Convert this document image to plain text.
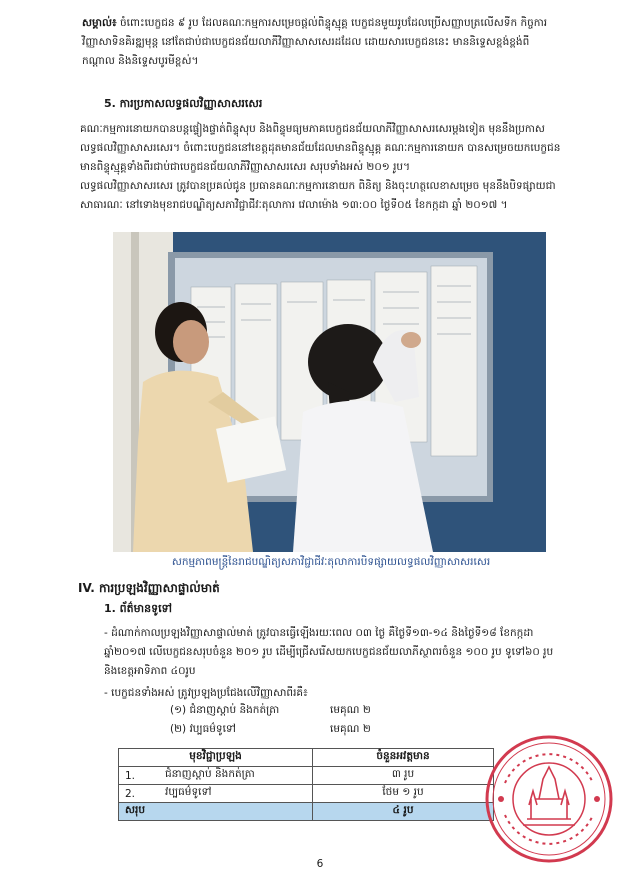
សម្គាល់៖ ចំពោះបេក្ខជន ៩ រូប ដែលគណៈកម្មការសម្រេចផ្តល់ពិន្ទុស្មុគ្គ បេក្ខជនមួយរូបដែលប្រើសញ្ញាបត្រលើសទីក កិច្ចការវិញ្ញាសាទិនគិរឌ្ឍមុន្ត នៅតែជាប់ជាបេក្ខជនជ័យលាភីវិញ្ញាសាសសេរដដែល ដោយសារបេក្ខជននេះ មាននិទ្ទេសខ្ពង់ខ្ពង់ពីកណ្តាល និងនិទ្ទេសបូរមីខ្ពស់។
5. ការប្រកាសលទ្ធផលវិញ្ញាសាសរសេរ
គណៈកម្មការនោយកបានបន្តផ្ទៀងផ្ទាត់ពិន្ទុសុប និងពិន្ទុមធ្យមភាគបេក្ខជនជ័យលាភីវិញ្ញាសាសរសេរម្តងទៀត មុននឹងប្រកាសលទ្ធផលវិញ្ញាសាសរសេរ។ ចំពោះបេក្ខជននៅខេត្តដុតមានជ័យដែលមានពិន្ទុស្មុគ្គ គណៈកម្មការនោយក បានសម្រេចយកបេក្ខជនមានពិន្ទុស្មុគ្គទាំងពីរជាប់ជាបេក្ខជនជ័យលាភីវិញ្ញាសាសរសេរ សរុបទាំងអស់ ២០១ រូប។
លទ្ធផលវិញ្ញាសាសរសេរ ត្រូវបានប្រគល់ជូន ប្រធានគណៈកម្មការនោយក ពិនិត្យ និងចុះហត្ថលេខាសម្រេច មុននឹងបិទផ្សាយជាសាធារណៈ នៅទោងមុខរាជបណ្ឌិត្យសភាវិជ្ជាជីវៈតុលាការ វេលាម៉ោង ១៣:០០ ថ្ងៃទី០៥ ខែកក្កដា ឆ្នាំ ២០១៧ ។
សកម្មភាពមន្ត្រីនៃរាជបណ្ឌិត្យសភាវិជ្ជាជីវៈតុលាការបិទផ្សាយលទ្ធផលវិញ្ញាសាសរសេរ
IV. ការប្រឡងវិញ្ញាសាផ្ទាល់មាត់
1. ព័ត៌មានទូទៅ
- ដំណាក់កាលប្រឡងវិញ្ញាសាផ្ទាល់មាត់ ត្រូវបានធ្វើឡើងរយៈពេល ០៣ ថ្ងៃ គឺថ្ងៃទី១៣-១៤ និងថ្ងៃទី១៨ ខែកក្កដា ឆ្នាំ២០១៧ លើបេក្ខជនសរុបចំនួន ២០១ រូប ដើម្បីជ្រើសរើសយកបេក្ខជនជ័យលាភីស្ថាពរចំនួន ១០០ រូប ទូទៅ៦០ រូប និងខេត្តអាទិភាព ៤០រូប
- បេក្ខជនទាំងអស់ ត្រូវប្រឡងប្រជែងលើវិញ្ញាសាពីរគឺ៖
(១) ជំនាញស្តាប់ និងកត់ត្រា	មេគុណ ២
(២) វប្បធម៌ទូទៅ	មេគុណ ២
មុខវិជ្ជាប្រឡង		ចំនួនអវត្តមាន
1.	ជំនាញស្តាប់ និងកត់ត្រា	៣ រូប
2.	វប្បធម៌ទូទៅ	ថែម ១ រូប
សរុប		៤ រូប
6
